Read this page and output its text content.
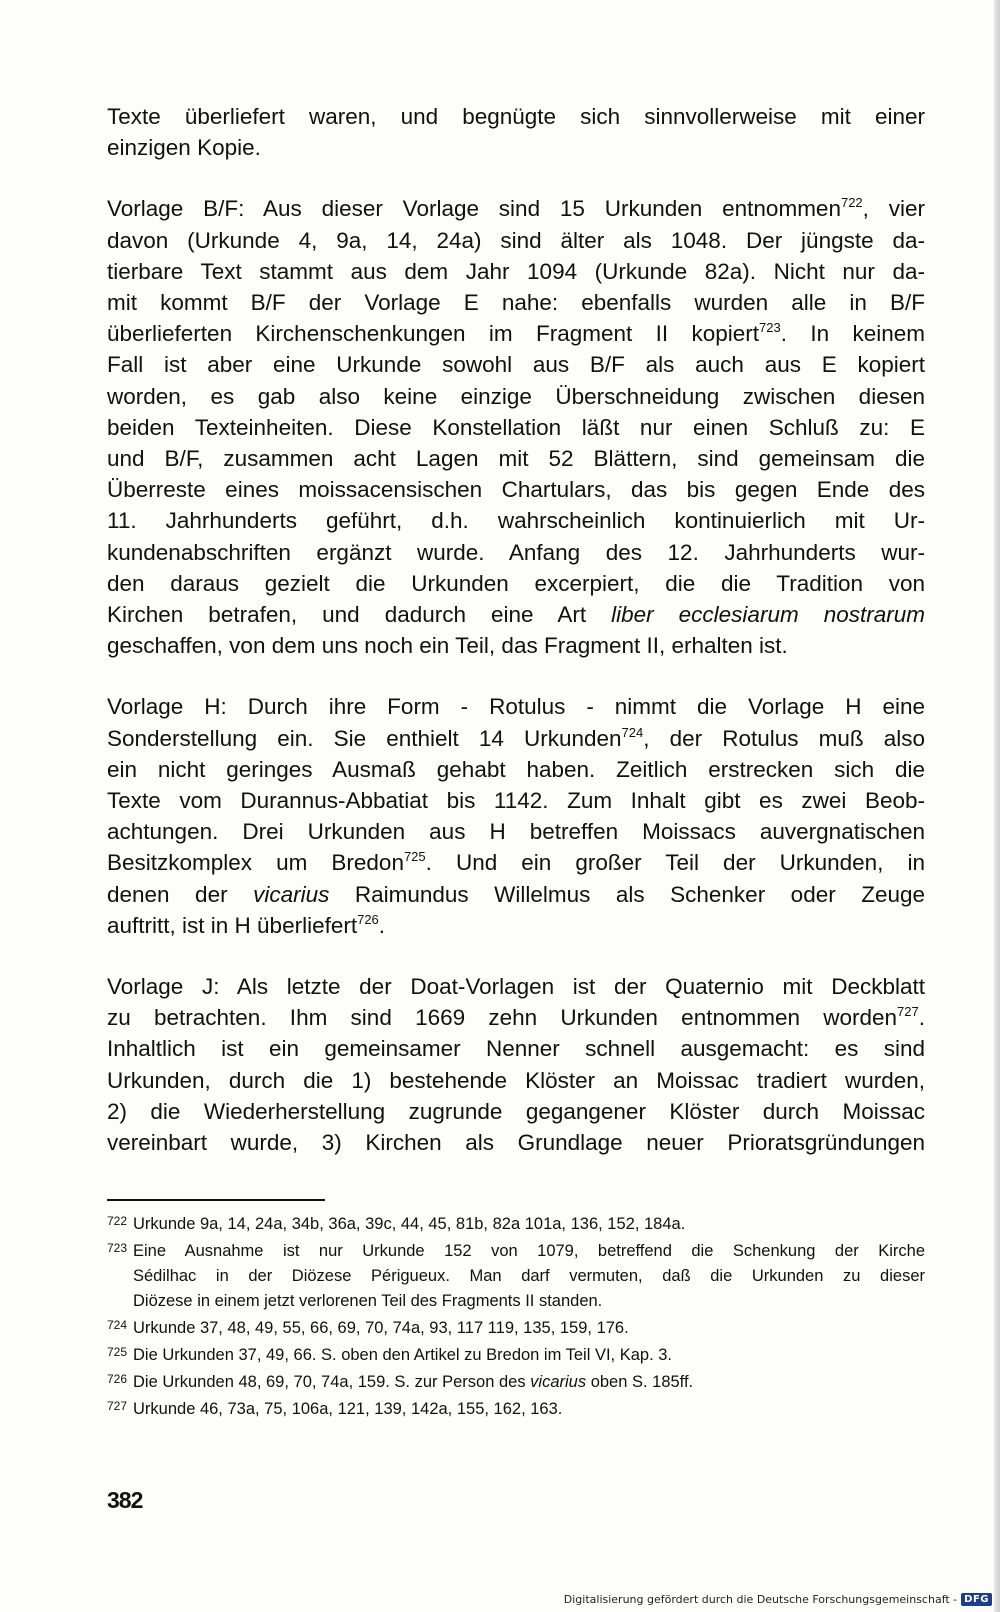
Texte überliefert waren, und begnügte sich sinnvollerweise mit einer
einzigen Kopie.
Vorlage B/F: Aus dieser Vorlage sind 15 Urkunden entnommen$^{722}$, vier
davon (Urkunde 4, 9a, 14, 24a) sind älter als 1048. Der jüngste da-
tierbare Text stammt aus dem Jahr 1094 (Urkunde 82a). Nicht nur da-
mit kommt B/F der Vorlage E nahe: ebenfalls wurden alle in B/F
überlieferten Kirchenschenkungen im Fragment II kopiert$^{723}$. In keinem
Fall ist aber eine Urkunde sowohl aus B/F als auch aus E kopiert
worden, es gab also keine einzige Überschneidung zwischen diesen
beiden Texteinheiten. Diese Konstellation läßt nur einen Schluß zu: E
und B/F, zusammen acht Lagen mit 52 Blättern, sind gemeinsam die
Überreste eines moissacensischen Chartulars, das bis gegen Ende des
11. Jahrhunderts geführt, d.h. wahrscheinlich kontinuierlich mit Ur-
kundenabschriften ergänzt wurde. Anfang des 12. Jahrhunderts wur-
den daraus gezielt die Urkunden excerpiert, die die Tradition von
Kirchen betrafen, und dadurch eine Art liber ecclesiarum nostrarum
geschaffen, von dem uns noch ein Teil, das Fragment II, erhalten ist.
Vorlage H: Durch ihre Form - Rotulus - nimmt die Vorlage H eine
Sonderstellung ein. Sie enthielt 14 Urkunden$^{724}$, der Rotulus muß also
ein nicht geringes Ausmaß gehabt haben. Zeitlich erstrecken sich die
Texte vom Durannus-Abbatiat bis 1142. Zum Inhalt gibt es zwei Beob-
achtungen. Drei Urkunden aus H betreffen Moissacs auvergnatischen
Besitzkomplex um Bredon$^{725}$. Und ein großer Teil der Urkunden, in
denen der vicarius Raimundus Willelmus als Schenker oder Zeuge
auftritt, ist in H überliefert$^{726}$.
Vorlage J: Als letzte der Doat-Vorlagen ist der Quaternio mit Deckblatt
zu betrachten. Ihm sind 1669 zehn Urkunden entnommen worden$^{727}$.
Inhaltlich ist ein gemeinsamer Nenner schnell ausgemacht: es sind
Urkunden, durch die 1) bestehende Klöster an Moissac tradiert wurden,
2) die Wiederherstellung zugrunde gegangener Klöster durch Moissac
vereinbart wurde, 3) Kirchen als Grundlage neuer Prioratsgründungen
722 Urkunde 9a, 14, 24a, 34b, 36a, 39c, 44, 45, 81b, 82a 101a, 136, 152, 184a.
723 Eine Ausnahme ist nur Urkunde 152 von 1079, betreffend die Schenkung der Kirche
Sédilhac in der Diözese Périgueux. Man darf vermuten, daß die Urkunden zu dieser
Diözese in einem jetzt verlorenen Teil des Fragments II standen.
724 Urkunde 37, 48, 49, 55, 66, 69, 70, 74a, 93, 117 119, 135, 159, 176.
725 Die Urkunden 37, 49, 66. S. oben den Artikel zu Bredon im Teil VI, Kap. 3.
726 Die Urkunden 48, 69, 70, 74a, 159. S. zur Person des vicarius oben S. 185ff.
727 Urkunde 46, 73a, 75, 106a, 121, 139, 142a, 155, 162, 163.
382
Digitalisierung gefördert durch die Deutsche Forschungsgemeinschaft - DFG
